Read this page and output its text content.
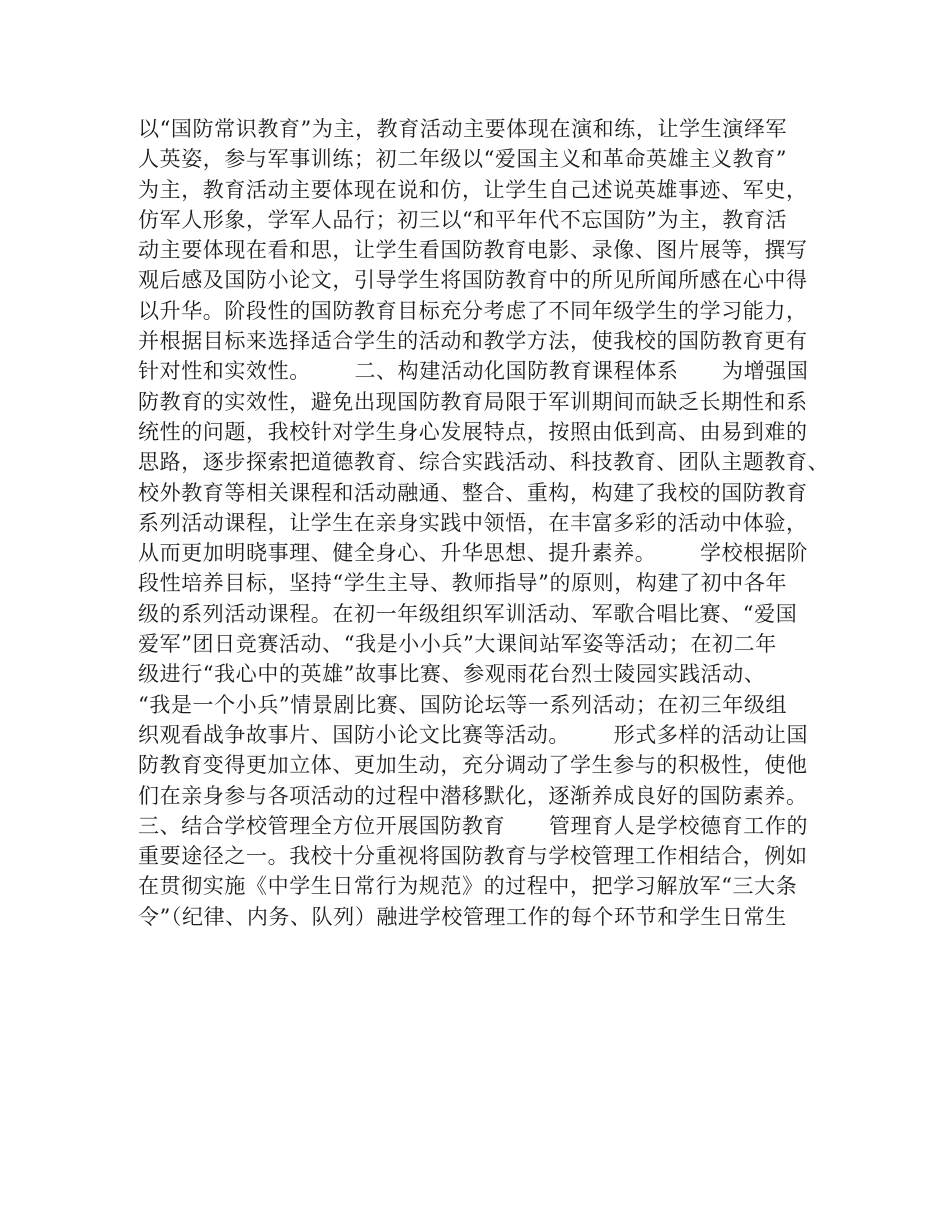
以“国防常识教育”为主，教育活动主要体现在演和练，让学生演绎军
人英姿，参与军事训练；初二年级以“爱国主义和革命英雄主义教育”
为主，教育活动主要体现在说和仿，让学生自己述说英雄事迹、军史，
仿军人形象，学军人品行；初三以“和平年代不忘国防”为主，教育活
动主要体现在看和思，让学生看国防教育电影、录像、图片展等，撰写
观后感及国防小论文，引导学生将国防教育中的所见所闻所感在心中得
以升华。阶段性的国防教育目标充分考虑了不同年级学生的学习能力，
并根据目标来选择适合学生的活动和教学方法，使我校的国防教育更有
针对性和实效性。      二、构建活动化国防教育课程体系      为增强国
防教育的实效性，避免出现国防教育局限于军训期间而缺乏长期性和系
统性的问题，我校针对学生身心发展特点，按照由低到高、由易到难的
思路，逐步探索把道德教育、综合实践活动、科技教育、团队主题教育、
校外教育等相关课程和活动融通、整合、重构，构建了我校的国防教育
系列活动课程，让学生在亲身实践中领悟，在丰富多彩的活动中体验，
从而更加明晓事理、健全身心、升华思想、提升素养。      学校根据阶
段性培养目标，坚持“学生主导、教师指导”的原则，构建了初中各年
级的系列活动课程。在初一年级组织军训活动、军歌合唱比赛、“爱国
爱军”团日竞赛活动、“我是小小兵”大课间站军姿等活动；在初二年
级进行“我心中的英雄”故事比赛、参观雨花台烈士陵园实践活动、
“我是一个小兵”情景剧比赛、国防论坛等一系列活动；在初三年级组
织观看战争故事片、国防小论文比赛等活动。      形式多样的活动让国
防教育变得更加立体、更加生动，充分调动了学生参与的积极性，使他
们在亲身参与各项活动的过程中潜移默化，逐渐养成良好的国防素养。
三、结合学校管理全方位开展国防教育      管理育人是学校德育工作的
重要途径之一。我校十分重视将国防教育与学校管理工作相结合，例如
在贯彻实施《中学生日常行为规范》的过程中，把学习解放军“三大条
令”（纪律、内务、队列）融进学校管理工作的每个环节和学生日常生
